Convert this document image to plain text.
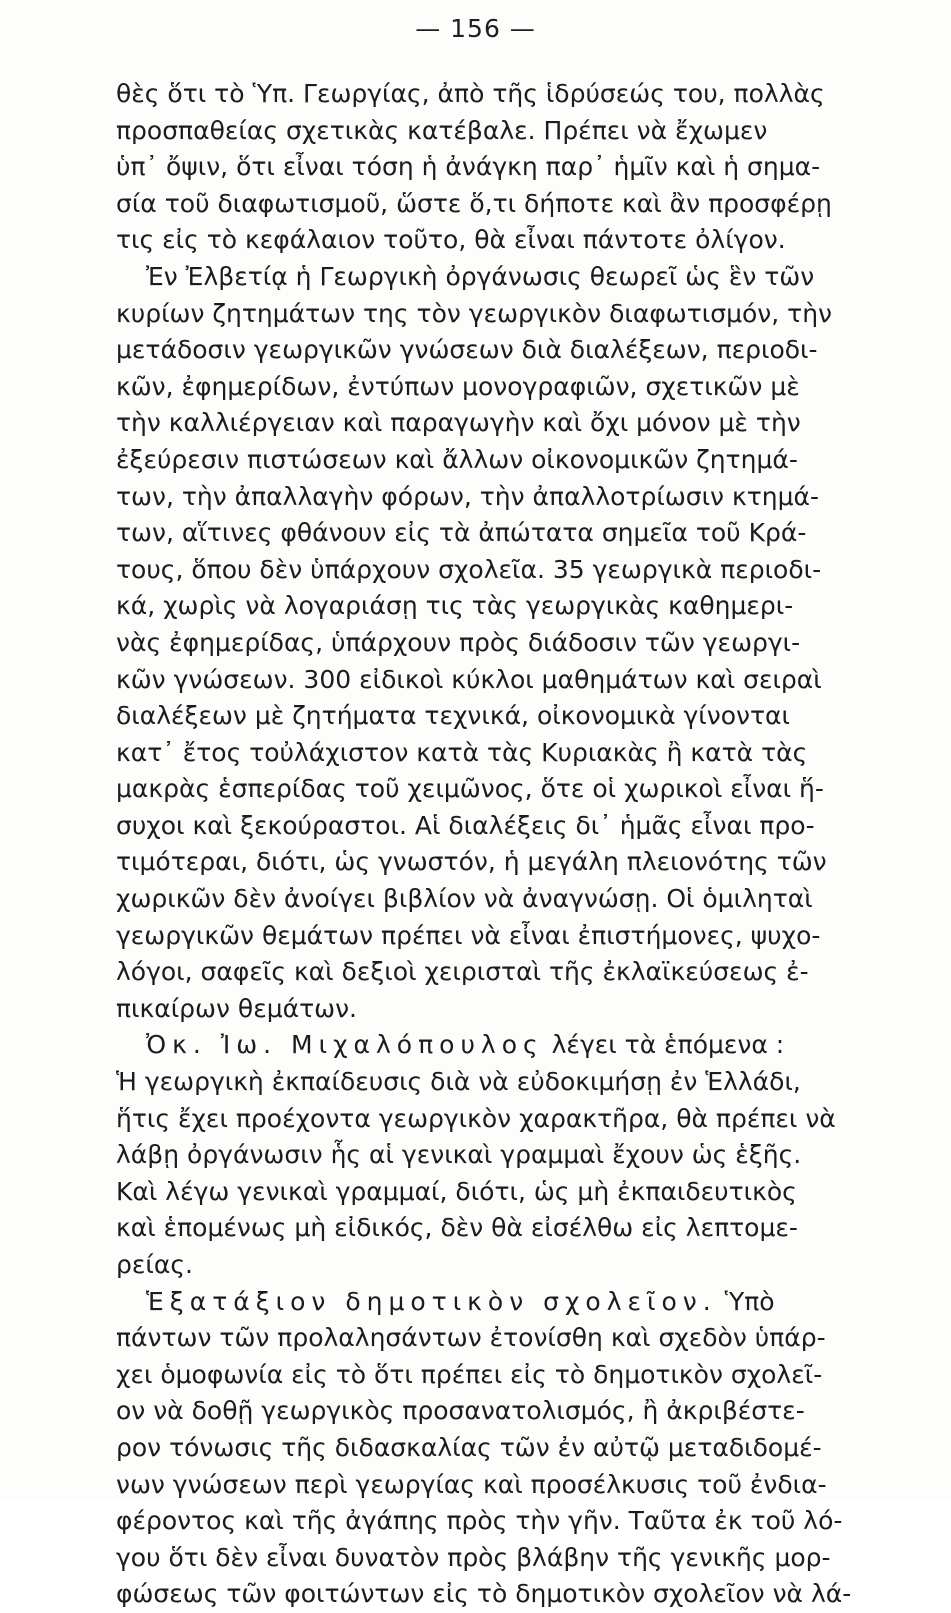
— 156 —
θὲς ὅτι τὸ Ὑπ. Γεωργίας, ἀπὸ τῆς ἱδρύσεώς του, πολλὰς
προσπαθείας σχετικὰς κατέβαλε. Πρέπει νὰ ἔχωμεν
ὑπ᾽ ὄψιν, ὅτι εἶναι τόση ἡ ἀνάγκη παρ᾽ ἡμῖν καὶ ἡ σημα-
σία τοῦ διαφωτισμοῦ, ὥστε ὅ,τι δήποτε καὶ ἂν προσφέρῃ
τις εἰς τὸ κεφάλαιον τοῦτο, θὰ εἶναι πάντοτε ὀλίγον.
Ἐν Ἐλβετίᾳ ἡ Γεωργικὴ ὀργάνωσις θεωρεῖ ὡς ἓν τῶν
κυρίων ζητημάτων της τὸν γεωργικὸν διαφωτισμόν, τὴν
μετάδοσιν γεωργικῶν γνώσεων διὰ διαλέξεων, περιοδι-
κῶν, ἐφημερίδων, ἐντύπων μονογραφιῶν, σχετικῶν μὲ
τὴν καλλιέργειαν καὶ παραγωγὴν καὶ ὄχι μόνον μὲ τὴν
ἐξεύρεσιν πιστώσεων καὶ ἄλλων οἰκονομικῶν ζητημά-
των, τὴν ἀπαλλαγὴν φόρων, τὴν ἀπαλλοτρίωσιν κτημά-
των, αἵτινες φθάνουν εἰς τὰ ἀπώτατα σημεῖα τοῦ Κρά-
τους, ὅπου δὲν ὑπάρχουν σχολεῖα. 35 γεωργικὰ περιοδι-
κά, χωρὶς νὰ λογαριάσῃ τις τὰς γεωργικὰς καθημερι-
νὰς ἐφημερίδας, ὑπάρχουν πρὸς διάδοσιν τῶν γεωργι-
κῶν γνώσεων. 300 εἰδικοὶ κύκλοι μαθημάτων καὶ σειραὶ
διαλέξεων μὲ ζητήματα τεχνικά, οἰκονομικὰ γίνονται
κατ᾽ ἔτος τοὐλάχιστον κατὰ τὰς Κυριακὰς ἢ κατὰ τὰς
μακρὰς ἑσπερίδας τοῦ χειμῶνος, ὅτε οἱ χωρικοὶ εἶναι ἥ-
συχοι καὶ ξεκούραστοι. Αἱ διαλέξεις δι᾽ ἡμᾶς εἶναι προ-
τιμότεραι, διότι, ὡς γνωστόν, ἡ μεγάλη πλειονότης τῶν
χωρικῶν δὲν ἀνοίγει βιβλίον νὰ ἀναγνώσῃ. Οἱ ὁμιληταὶ
γεωργικῶν θεμάτων πρέπει νὰ εἶναι ἐπιστήμονες, ψυχο-
λόγοι, σαφεῖς καὶ δεξιοὶ χειρισταὶ τῆς ἐκλαϊκεύσεως ἐ-
πικαίρων θεμάτων.
Ὀκ. Ἰω. Μιχαλόπουλος λέγει τὰ ἑπόμενα :
Ἡ γεωργικὴ ἐκπαίδευσις διὰ νὰ εὐδοκιμήσῃ ἐν Ἑλλάδι,
ἥτις ἔχει προέχοντα γεωργικὸν χαρακτῆρα, θὰ πρέπει νὰ
λάβῃ ὀργάνωσιν ἧς αἱ γενικαὶ γραμμαὶ ἔχουν ὡς ἑξῆς.
Καὶ λέγω γενικαὶ γραμμαί, διότι, ὡς μὴ ἐκπαιδευτικὸς
καὶ ἑπομένως μὴ εἰδικός, δὲν θὰ εἰσέλθω εἰς λεπτομε-
ρείας.
Ἑξατάξιον δημοτικὸν σχολεῖον. Ὑπὸ
πάντων τῶν προλαλησάντων ἐτονίσθη καὶ σχεδὸν ὑπάρ-
χει ὁμοφωνία εἰς τὸ ὅτι πρέπει εἰς τὸ δημοτικὸν σχολεῖ-
ον νὰ δοθῇ γεωργικὸς προσανατολισμός, ἢ ἀκριβέστε-
ρον τόνωσις τῆς διδασκαλίας τῶν ἐν αὐτῷ μεταδιδομέ-
νων γνώσεων περὶ γεωργίας καὶ προσέλκυσις τοῦ ἐνδια-
φέροντος καὶ τῆς ἀγάπης πρὸς τὴν γῆν. Ταῦτα ἐκ τοῦ λό-
γου ὅτι δὲν εἶναι δυνατὸν πρὸς βλάβην τῆς γενικῆς μορ-
φώσεως τῶν φοιτώντων εἰς τὸ δημοτικὸν σχολεῖον νὰ λά-
